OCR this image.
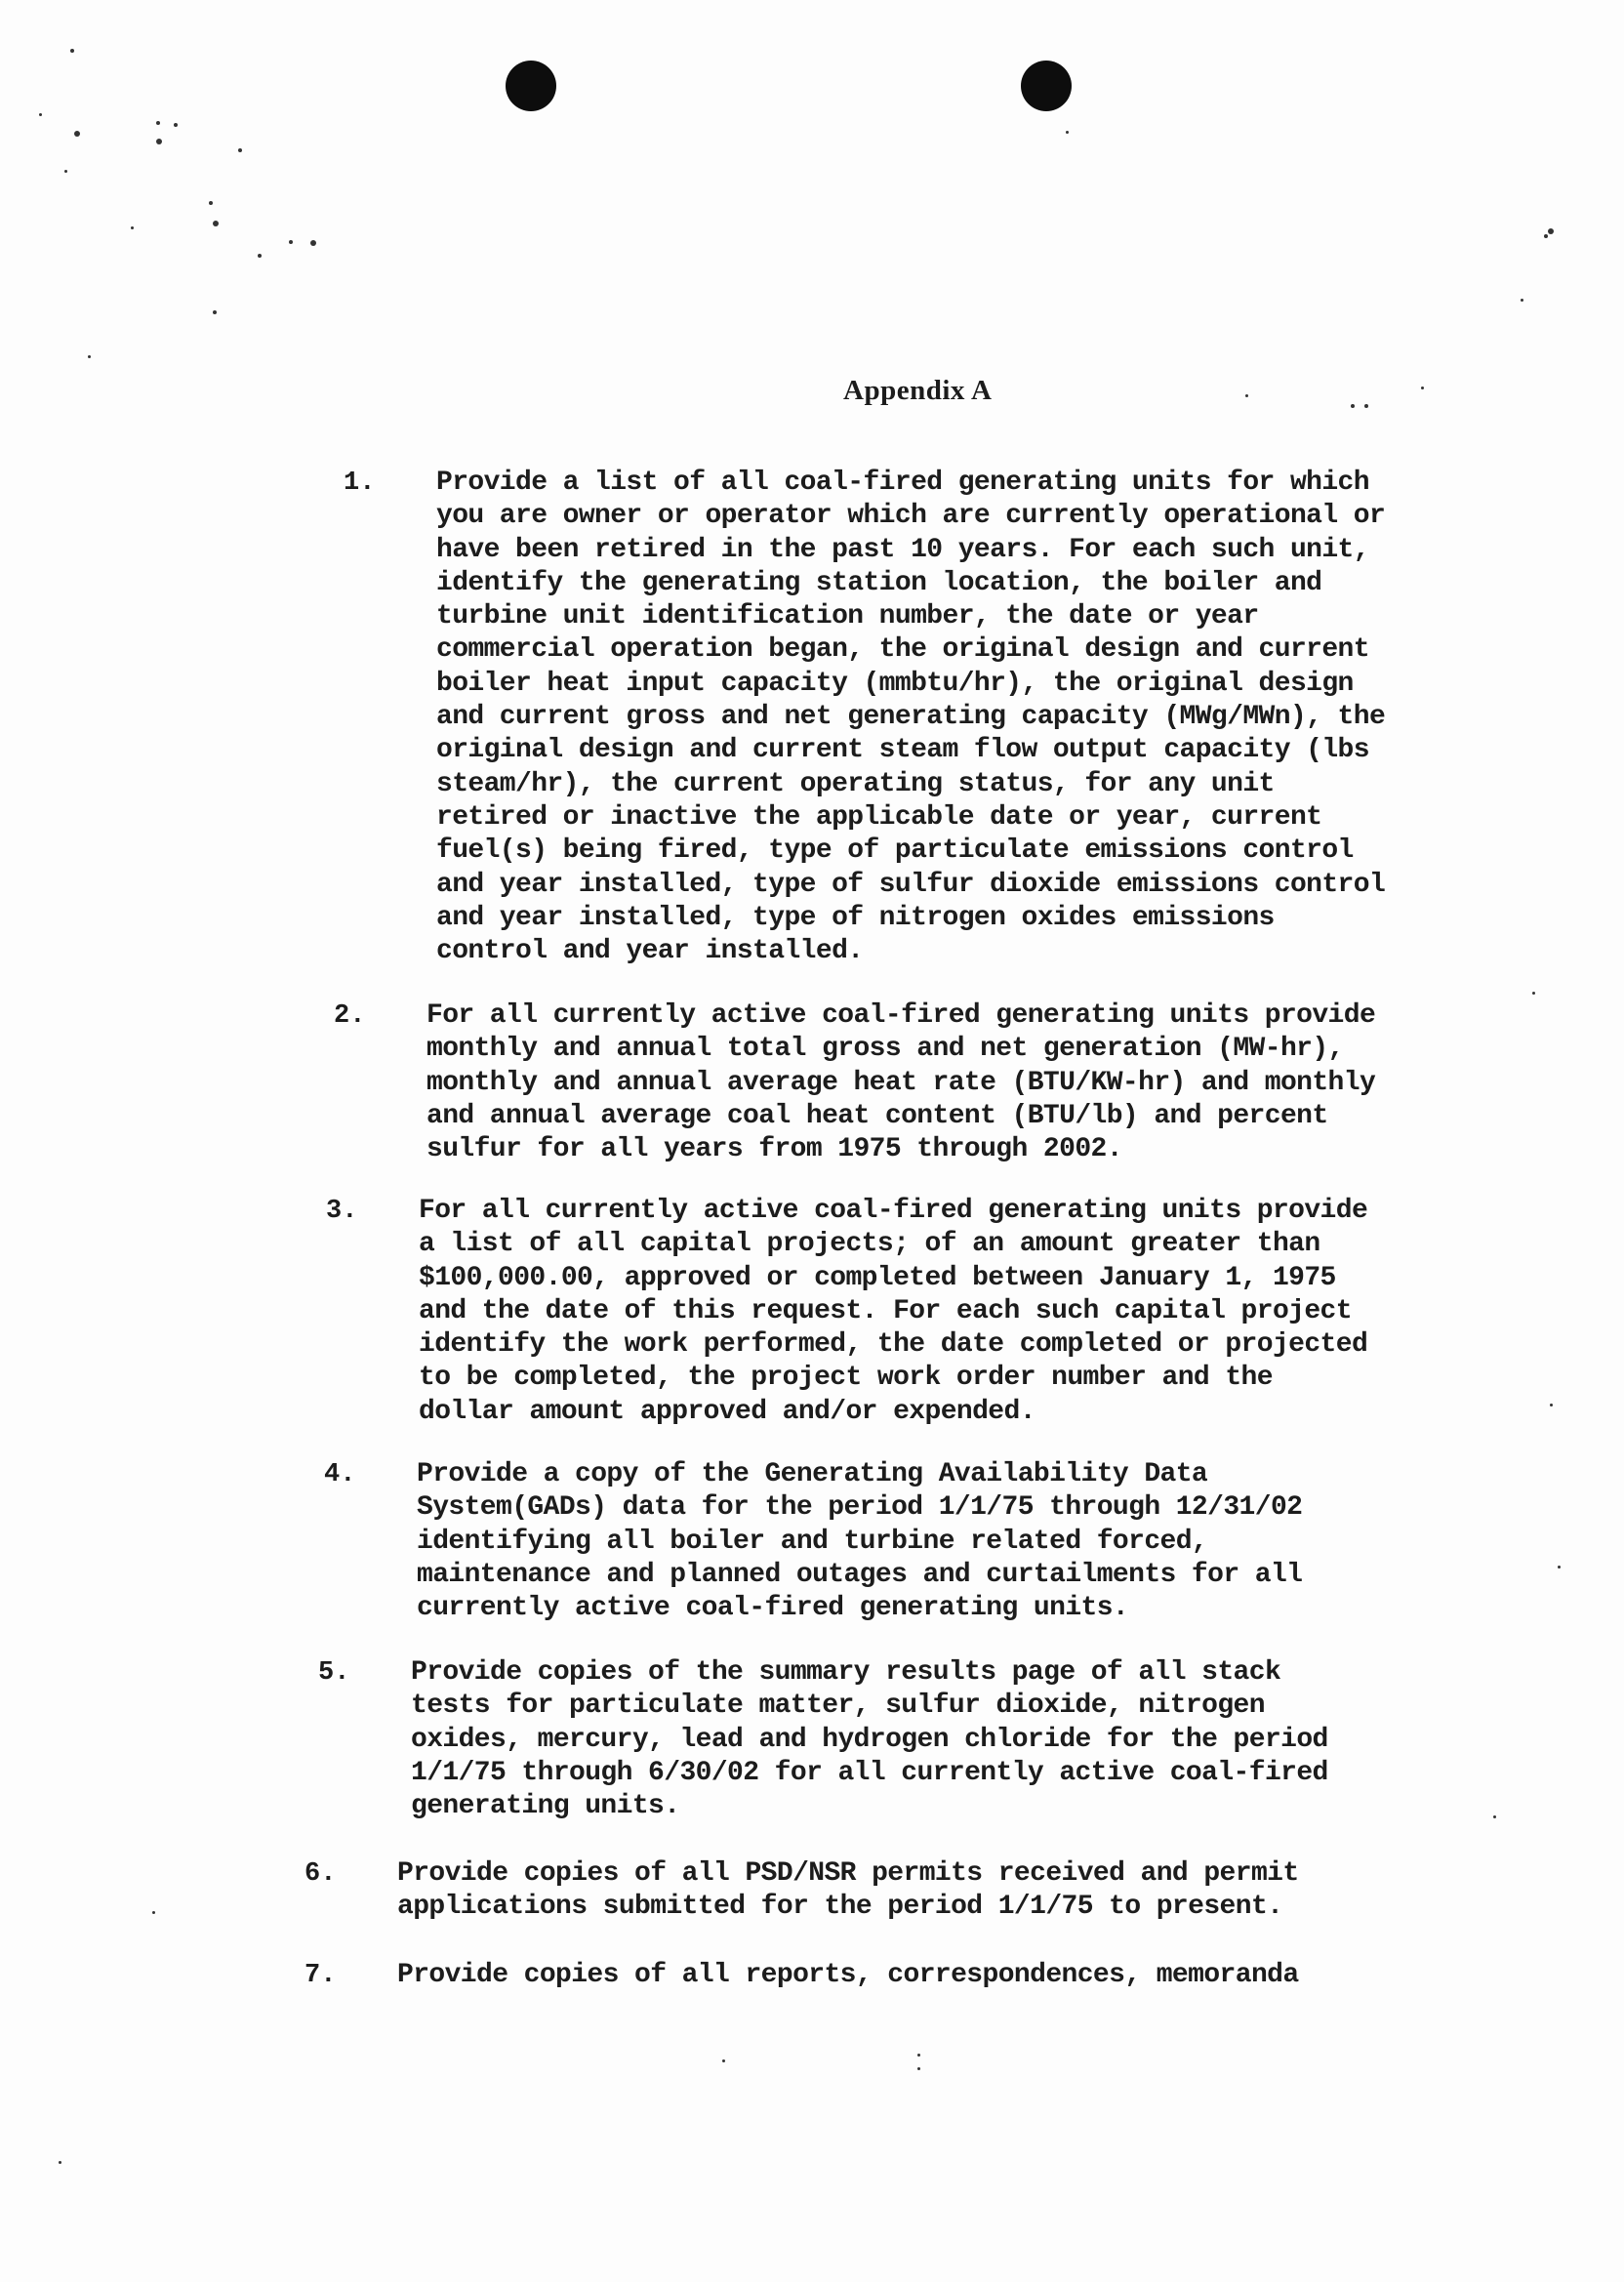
Appendix A
1. Provide a list of all coal-fired generating units for which
you are owner or operator which are currently operational or
have been retired in the past 10 years. For each such unit,
identify the generating station location, the boiler and
turbine unit identification number, the date or year
commercial operation began, the original design and current
boiler heat input capacity (mmbtu/hr), the original design
and current gross and net generating capacity (MWg/MWn), the
original design and current steam flow output capacity (lbs
steam/hr), the current operating status, for any unit
retired or inactive the applicable date or year, current
fuel(s) being fired, type of particulate emissions control
and year installed, type of sulfur dioxide emissions control
and year installed, type of nitrogen oxides emissions
control and year installed.
2. For all currently active coal-fired generating units provide
monthly and annual total gross and net generation (MW-hr),
monthly and annual average heat rate (BTU/KW-hr) and monthly
and annual average coal heat content (BTU/lb) and percent
sulfur for all years from 1975 through 2002.
3. For all currently active coal-fired generating units provide
a list of all capital projects; of an amount greater than
$100,000.00, approved or completed between January 1, 1975
and the date of this request. For each such capital project
identify the work performed, the date completed or projected
to be completed, the project work order number and the
dollar amount approved and/or expended.
4. Provide a copy of the Generating Availability Data
System(GADs) data for the period 1/1/75 through 12/31/02
identifying all boiler and turbine related forced,
maintenance and planned outages and curtailments for all
currently active coal-fired generating units.
5. Provide copies of the summary results page of all stack
tests for particulate matter, sulfur dioxide, nitrogen
oxides, mercury, lead and hydrogen chloride for the period
1/1/75 through 6/30/02 for all currently active coal-fired
generating units.
6. Provide copies of all PSD/NSR permits received and permit
applications submitted for the period 1/1/75 to present.
7. Provide copies of all reports, correspondences, memoranda
